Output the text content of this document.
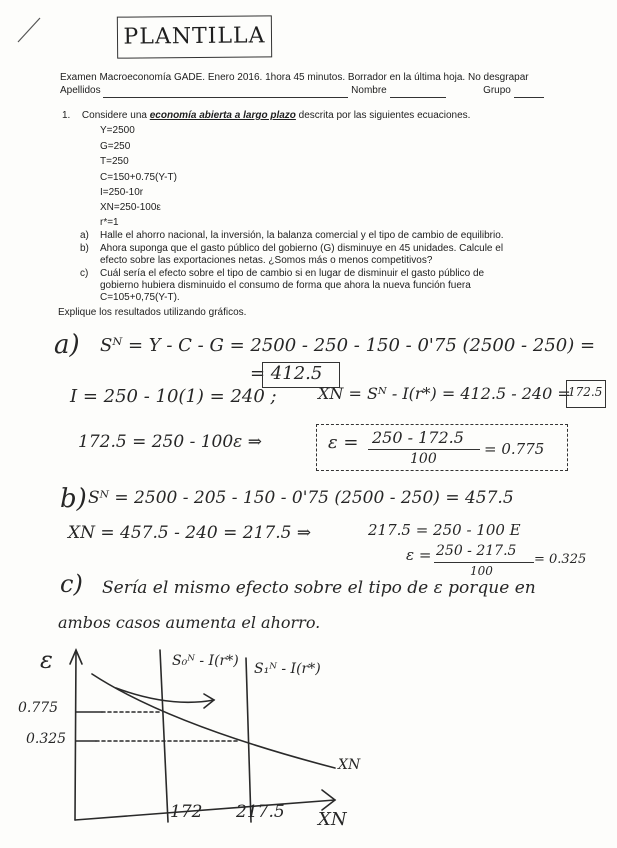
PLANTILLA
Examen Macroeconomía GADE. Enero 2016. 1hora 45 minutos. Borrador en la última hoja. No desgrapar
Apellidos	Nombre	Grupo
1. Considere una economía abierta a largo plazo descrita por las siguientes ecuaciones.
Y=2500
G=250
T=250
C=150+0.75(Y-T)
I=250-10r
XN=250-100ε
r*=1
a) Halle el ahorro nacional, la inversión, la balanza comercial y el tipo de cambio de equilibrio.
b) Ahora suponga que el gasto público del gobierno (G) disminuye en 45 unidades. Calcule el
efecto sobre las exportaciones netas. ¿Somos más o menos competitivos?
c) Cuál sería el efecto sobre el tipo de cambio si en lugar de disminuir el gasto público de
gobierno hubiera disminuido el consumo de forma que ahora la nueva función fuera
C=105+0,75(Y-T).
Explique los resultados utilizando gráficos.
a) Sᴺ = Y - C - G = 2500 - 250 - 150 - 0'75 (2500 - 250) =
= 412.5
I = 250 - 10(1) = 240 ;	XN = Sᴺ - I(r*) = 412.5 - 240 =
172.5
172.5 = 250 - 100ε ⇒	ε = 250 - 172.5
100
= 0.775
b) Sᴺ = 2500 - 205 - 150 - 0'75 (2500 - 250) = 457.5
XN = 457.5 - 240 = 217.5 ⇒	217.5 = 250 - 100 E
ε = 250 - 217.5
100
= 0.325
c) Sería el mismo efecto sobre el tipo de ε porque en
ambos casos aumenta el ahorro.
ε	S₀ᴺ - I(r*) S₁ᴺ - I(r*)
0.775
0.325
XN
172 217.5 XN
